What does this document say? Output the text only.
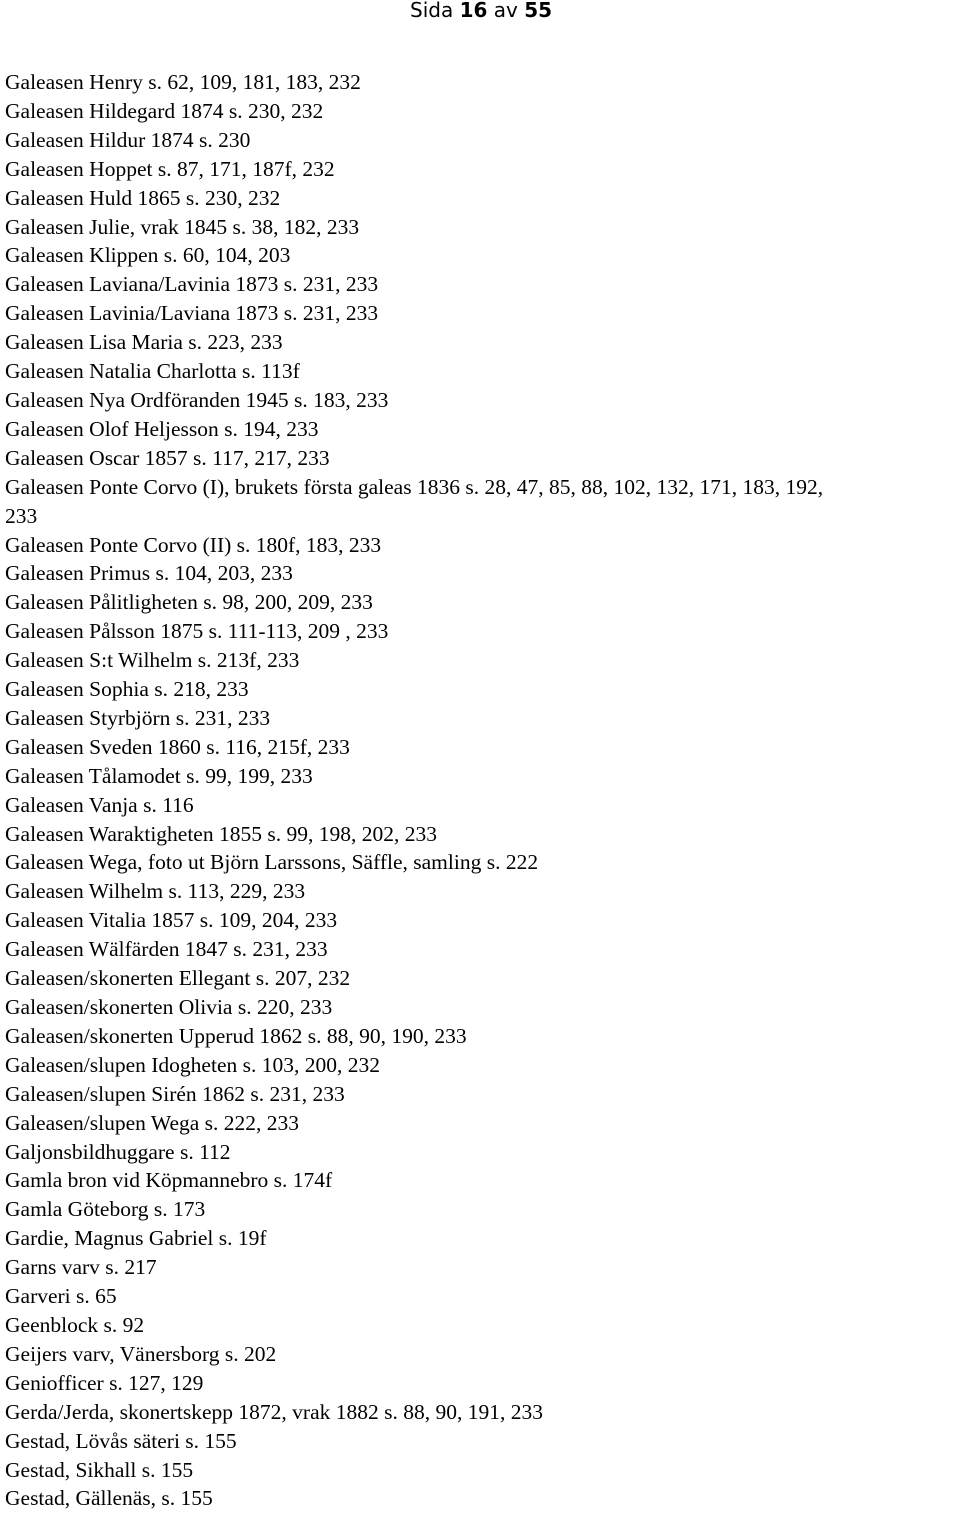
Sida 16 av 55
Galeasen Henry s. 62, 109, 181, 183, 232
Galeasen Hildegard 1874 s. 230, 232
Galeasen Hildur 1874 s. 230
Galeasen Hoppet s. 87, 171, 187f, 232
Galeasen Huld 1865 s. 230, 232
Galeasen Julie, vrak 1845 s. 38, 182, 233
Galeasen Klippen s. 60, 104, 203
Galeasen Laviana/Lavinia 1873 s. 231, 233
Galeasen Lavinia/Laviana 1873 s. 231, 233
Galeasen Lisa Maria s. 223, 233
Galeasen Natalia Charlotta s. 113f
Galeasen Nya Ordföranden 1945 s. 183, 233
Galeasen Olof Heljesson s. 194, 233
Galeasen Oscar 1857 s. 117, 217, 233
Galeasen Ponte Corvo (I), brukets första galeas 1836 s. 28, 47, 85, 88, 102, 132, 171, 183, 192,
233
Galeasen Ponte Corvo (II) s. 180f, 183, 233
Galeasen Primus s. 104, 203, 233
Galeasen Pålitligheten s. 98, 200, 209, 233
Galeasen Pålsson 1875 s. 111-113, 209 , 233
Galeasen S:t Wilhelm s. 213f, 233
Galeasen Sophia s. 218, 233
Galeasen Styrbjörn s. 231, 233
Galeasen Sveden 1860 s. 116, 215f, 233
Galeasen Tålamodet s. 99, 199, 233
Galeasen Vanja s. 116
Galeasen Waraktigheten 1855 s. 99, 198, 202, 233
Galeasen Wega, foto ut Björn Larssons, Säffle, samling s. 222
Galeasen Wilhelm s. 113, 229, 233
Galeasen Vitalia 1857 s. 109, 204, 233
Galeasen Wälfärden 1847 s. 231, 233
Galeasen/skonerten Ellegant s. 207, 232
Galeasen/skonerten Olivia s. 220, 233
Galeasen/skonerten Upperud 1862 s. 88, 90, 190, 233
Galeasen/slupen Idogheten s. 103, 200, 232
Galeasen/slupen Sirén 1862 s. 231, 233
Galeasen/slupen Wega s. 222, 233
Galjonsbildhuggare s. 112
Gamla bron vid Köpmannebro s. 174f
Gamla Göteborg s. 173
Gardie, Magnus Gabriel s. 19f
Garns varv s. 217
Garveri s. 65
Geenblock s. 92
Geijers varv, Vänersborg s. 202
Geniofficer s. 127, 129
Gerda/Jerda, skonertskepp 1872, vrak 1882 s. 88, 90, 191, 233
Gestad, Lövås säteri s. 155
Gestad, Sikhall s. 155
Gestad, Gällenäs, s. 155
